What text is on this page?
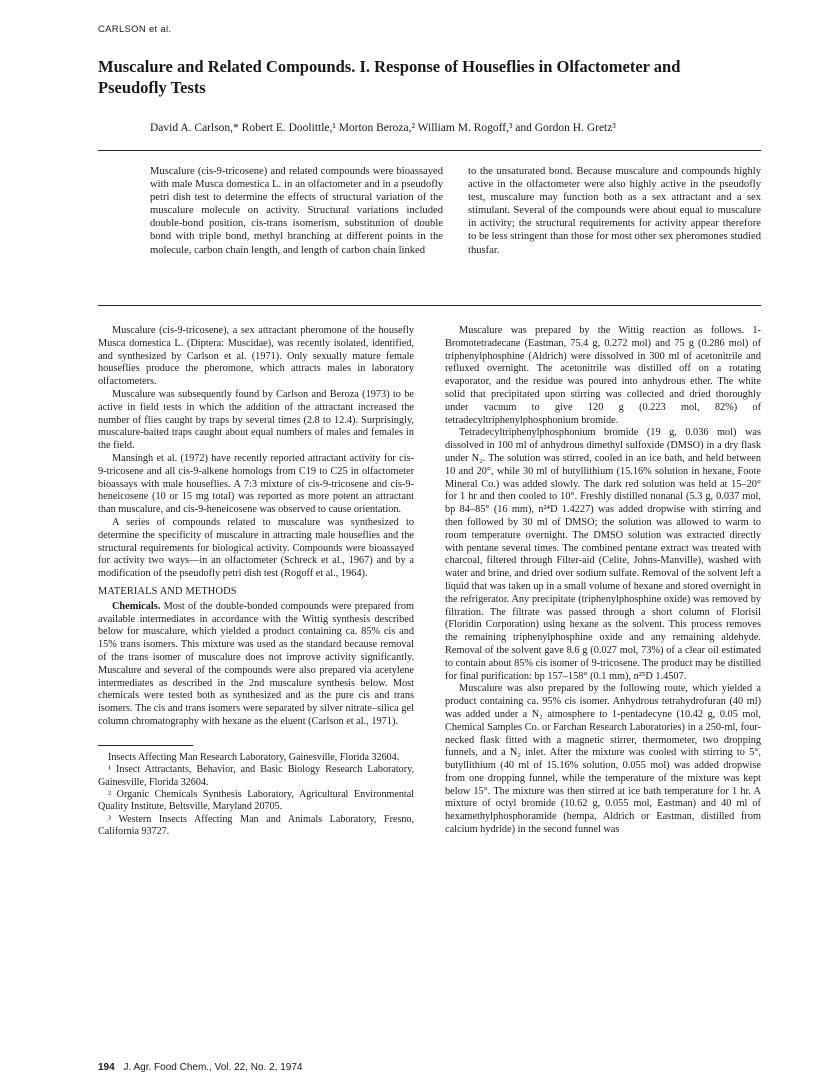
CARLSON et al.
Muscalure and Related Compounds. I. Response of Houseflies in Olfactometer and Pseudofly Tests
David A. Carlson,* Robert E. Doolittle,¹ Morton Beroza,² William M. Rogoff,³ and Gordon H. Gretz³
Muscalure (cis-9-tricosene) and related compounds were bioassayed with male Musca domestica L. in an olfactometer and in a pseudofly petri dish test to determine the effects of structural variation of the muscalure molecule on activity. Structural variations included double-bond position, cis-trans isomerism, substitution of double bond with triple bond, methyl branching at different points in the molecule, carbon chain length, and length of carbon chain linked
to the unsaturated bond. Because muscalure and compounds highly active in the olfactometer were also highly active in the pseudofly test, muscalure may function both as a sex attractant and a sex stimulant. Several of the compounds were about equal to muscalure in activity; the structural requirements for activity appear therefore to be less stringent than those for most other sex pheromones studied thusfar.

Muscalure (cis-9-tricosene), a sex attractant pheromone of the housefly Musca domestica L. (Diptera: Muscidae), was recently isolated, identified, and synthesized by Carlson et al. (1971). Only sexually mature female houseflies produce the pheromone, which attracts males in laboratory olfactometers.

Muscalure was subsequently found by Carlson and Beroza (1973) to be active in field tests in which the addition of the attractant increased the number of flies caught by traps by several times (2.8 to 12.4). Surprisingly, muscalure-baited traps caught about equal numbers of males and females in the field.

Mansingh et al. (1972) have recently reported attractant activity for cis-9-tricosene and all cis-9-alkene homologs from C19 to C25 in olfactometer bioassays with male houseflies. A 7:3 mixture of cis-9-tricosene and cis-9-heneicosene (10 or 15 mg total) was reported as more potent an attractant than muscalure, and cis-9-heneicosene was observed to cause orientation.

A series of compounds related to muscalure was synthesized to determine the specificity of muscalure in attracting male houseflies and the structural requirements for biological activity. Compounds were bioassayed for activity two ways—in an olfactometer (Schreck et al., 1967) and by a modification of the pseudofly petri dish test (Rogoff et al., 1964).

MATERIALS AND METHODS

Chemicals. Most of the double-bonded compounds were prepared from available intermediates in accordance with the Wittig synthesis described below for muscalure, which yielded a product containing ca. 85% cis and 15% trans isomers. This mixture was used as the standard because removal of the trans isomer of muscalure does not improve activity significantly. Muscalure and several of the compounds were also prepared via acetylene intermediates as described in the 2nd muscalure synthesis below. Most chemicals were tested both as synthesized and as the pure cis and trans isomers. The cis and trans isomers were separated by silver nitrate–silica gel column chromatography with hexane as the eluent (Carlson et al., 1971).

Insects Affecting Man Research Laboratory, Gainesville, Florida 32604.

¹ Insect Attractants, Behavior, and Basic Biology Research Laboratory, Gainesville, Florida 32604.

² Organic Chemicals Synthesis Laboratory, Agricultural Environmental Quality Institute, Beltsville, Maryland 20705.

³ Western Insects Affecting Man and Animals Laboratory, Fresno, California 93727.

Muscalure was prepared by the Wittig reaction as follows. 1-Bromotetradecane (Eastman, 75.4 g, 0.272 mol) and 75 g (0.286 mol) of triphenylphosphine (Aldrich) were dissolved in 300 ml of acetonitrile and refluxed overnight. The acetonitrile was distilled off on a rotating evaporator, and the residue was poured into anhydrous ether. The white solid that precipitated upon stirring was collected and dried thoroughly under vacuum to give 120 g (0.223 mol, 82%) of tetradecyltriphenylphosphonium bromide.

Tetradecyltriphenylphosphonium bromide (19 g, 0.036 mol) was dissolved in 100 ml of anhydrous dimethyl sulfoxide (DMSO) in a dry flask under N₂. The solution was stirred, cooled in an ice bath, and held between 10 and 20°, while 30 ml of butyllithium (15.16% solution in hexane, Foote Mineral Co.) was added slowly. The dark red solution was held at 15–20° for 1 hr and then cooled to 10°. Freshly distilled nonanal (5.3 g, 0.037 mol, bp 84–85° (16 mm), n²⁴D 1.4227) was added dropwise with stirring and then followed by 30 ml of DMSO; the solution was allowed to warm to room temperature overnight. The DMSO solution was extracted directly with pentane several times. The combined pentane extract was treated with charcoal, filtered through Filter-aid (Celite, Johns-Manville), washed with water and brine, and dried over sodium sulfate. Removal of the solvent left a liquid that was taken up in a small volume of hexane and stored overnight in the refrigerator. Any precipitate (triphenylphosphine oxide) was removed by filtration. The filtrate was passed through a short column of Florisil (Floridin Corporation) using hexane as the solvent. This process removes the remaining triphenylphosphine oxide and any remaining aldehyde. Removal of the solvent gave 8.6 g (0.027 mol, 73%) of a clear oil estimated to contain about 85% cis isomer of 9-tricosene. The product may be distilled for final purification: bp 157–158° (0.1 mm), n²⁵D 1.4507.

Muscalure was also prepared by the following route, which yielded a product containing ca. 95% cis isomer. Anhydrous tetrahydrofuran (40 ml) was added under a N₂ atmosphere to 1-pentadecyne (10.42 g, 0.05 mol, Chemical Samples Co. or Farchan Research Laboratories) in a 250-ml, four-necked flask fitted with a magnetic stirrer, thermometer, two dropping funnels, and a N₂ inlet. After the mixture was cooled with stirring to 5°, butyllithium (40 ml of 15.16% solution, 0.055 mol) was added dropwise from one dropping funnel, while the temperature of the mixture was kept below 15°. The mixture was then stirred at ice bath temperature for 1 hr. A mixture of octyl bromide (10.62 g, 0.055 mol, Eastman) and 40 ml of hexamethylphosphoramide (hempa, Aldrich or Eastman, distilled from calcium hydride) in the second funnel was

194 J. Agr. Food Chem., Vol. 22, No. 2, 1974
